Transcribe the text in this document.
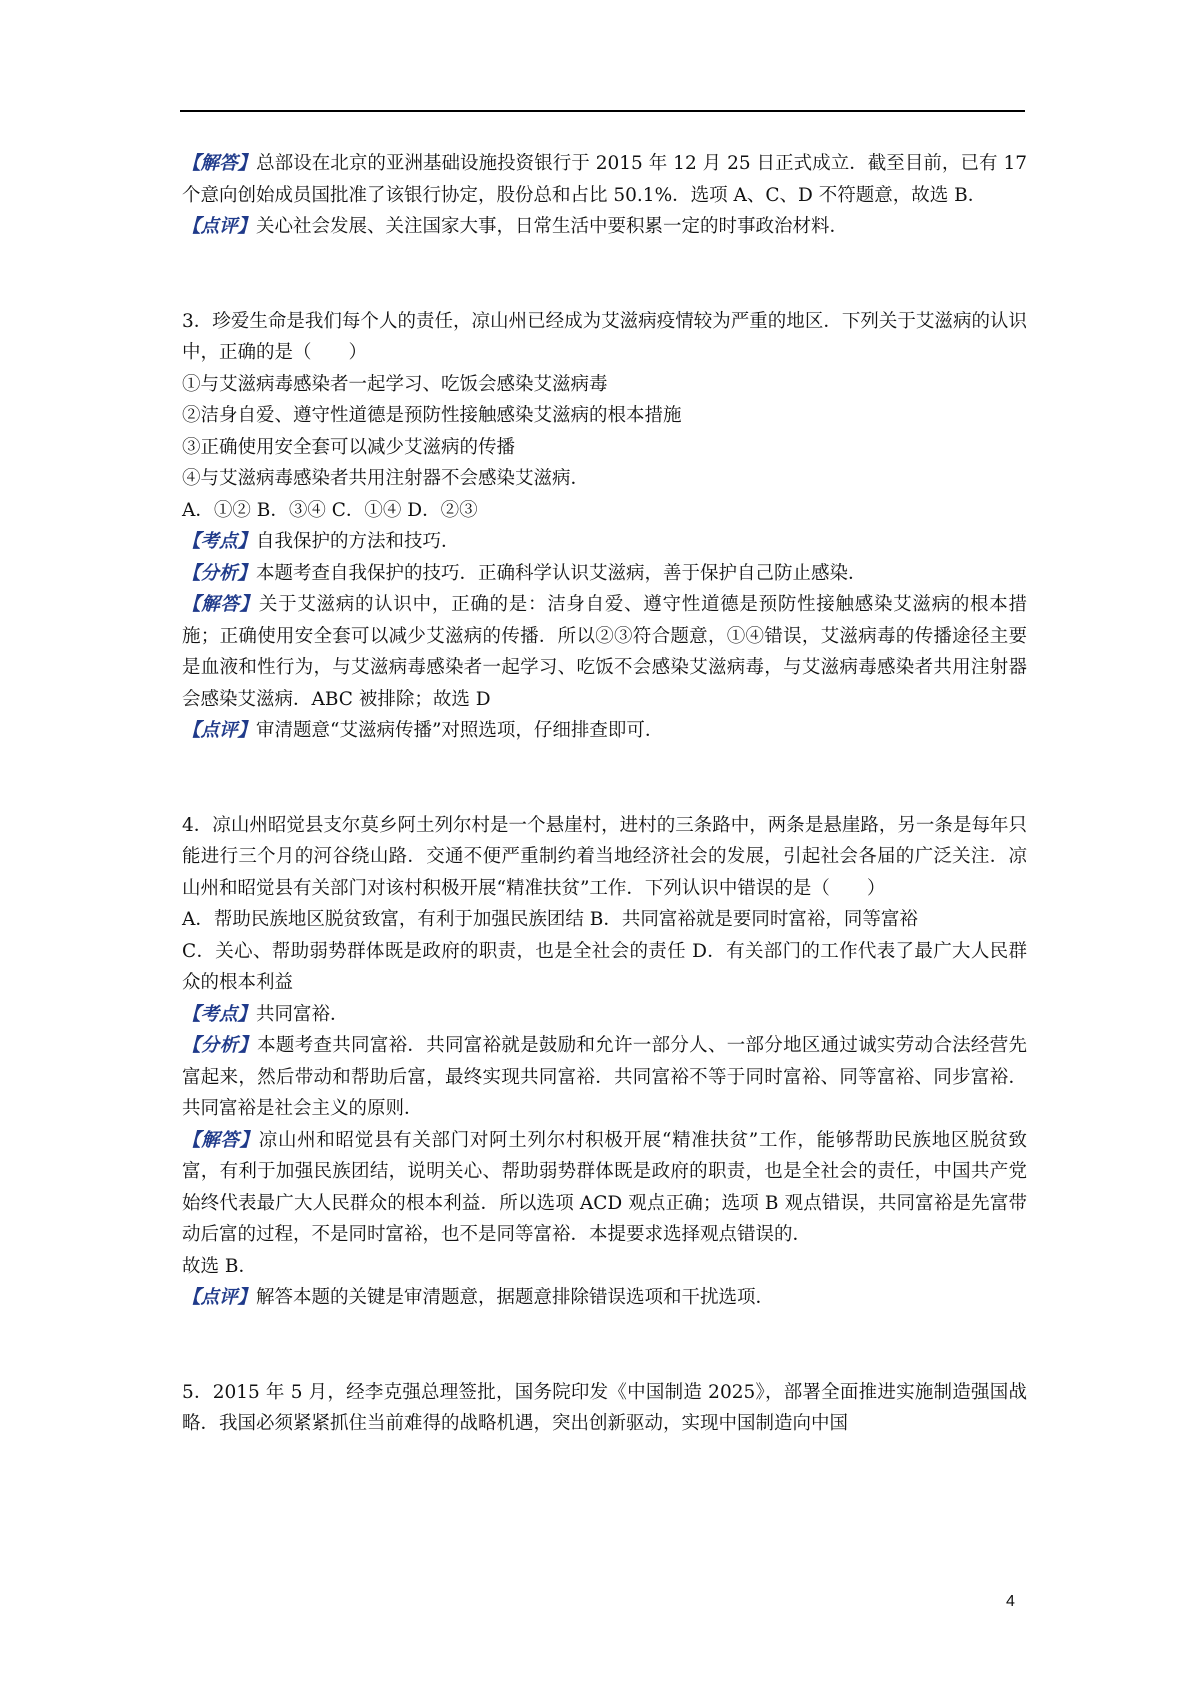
【解答】总部设在北京的亚洲基础设施投资银行于 2015 年 12 月 25 日正式成立．截至目前，已有 17 个意向创始成员国批准了该银行协定，股份总和占比 50.1%．选项 A、C、D 不符题意，故选 B．

【点评】关心社会发展、关注国家大事，日常生活中要积累一定的时事政治材料．

3．珍爱生命是我们每个人的责任，凉山州已经成为艾滋病疫情较为严重的地区．下列关于艾滋病的认识中，正确的是（　　）

①与艾滋病毒感染者一起学习、吃饭会感染艾滋病毒

②洁身自爱、遵守性道德是预防性接触感染艾滋病的根本措施

③正确使用安全套可以减少艾滋病的传播

④与艾滋病毒感染者共用注射器不会感染艾滋病．

A．①② B．③④ C．①④ D．②③

【考点】自我保护的方法和技巧．

【分析】本题考查自我保护的技巧．正确科学认识艾滋病，善于保护自己防止感染．

【解答】关于艾滋病的认识中，正确的是：洁身自爱、遵守性道德是预防性接触感染艾滋病的根本措施；正确使用安全套可以减少艾滋病的传播．所以②③符合题意，①④错误，艾滋病毒的传播途径主要是血液和性行为，与艾滋病毒感染者一起学习、吃饭不会感染艾滋病毒，与艾滋病毒感染者共用注射器会感染艾滋病．ABC 被排除；故选 D

【点评】审清题意“艾滋病传播”对照选项，仔细排查即可．

4．凉山州昭觉县支尔莫乡阿土列尔村是一个悬崖村，进村的三条路中，两条是悬崖路，另一条是每年只能进行三个月的河谷绕山路．交通不便严重制约着当地经济社会的发展，引起社会各届的广泛关注．凉山州和昭觉县有关部门对该村积极开展“精准扶贫”工作．下列认识中错误的是（　　）

A．帮助民族地区脱贫致富，有利于加强民族团结 B．共同富裕就是要同时富裕，同等富裕

C．关心、帮助弱势群体既是政府的职责，也是全社会的责任 D．有关部门的工作代表了最广大人民群众的根本利益

【考点】共同富裕．

【分析】本题考查共同富裕．共同富裕就是鼓励和允许一部分人、一部分地区通过诚实劳动合法经营先富起来，然后带动和帮助后富，最终实现共同富裕．共同富裕不等于同时富裕、同等富裕、同步富裕．共同富裕是社会主义的原则．

【解答】凉山州和昭觉县有关部门对阿土列尔村积极开展“精准扶贫”工作，能够帮助民族地区脱贫致富，有利于加强民族团结，说明关心、帮助弱势群体既是政府的职责，也是全社会的责任，中国共产党始终代表最广大人民群众的根本利益．所以选项 ACD 观点正确；选项 B 观点错误，共同富裕是先富带动后富的过程，不是同时富裕，也不是同等富裕．本提要求选择观点错误的．

故选 B．

【点评】解答本题的关键是审清题意，据题意排除错误选项和干扰选项．

5．2015 年 5 月，经李克强总理签批，国务院印发《中国制造 2025》，部署全面推进实施制造强国战略．我国必须紧紧抓住当前难得的战略机遇，突出创新驱动，实现中国制造向中国

4
